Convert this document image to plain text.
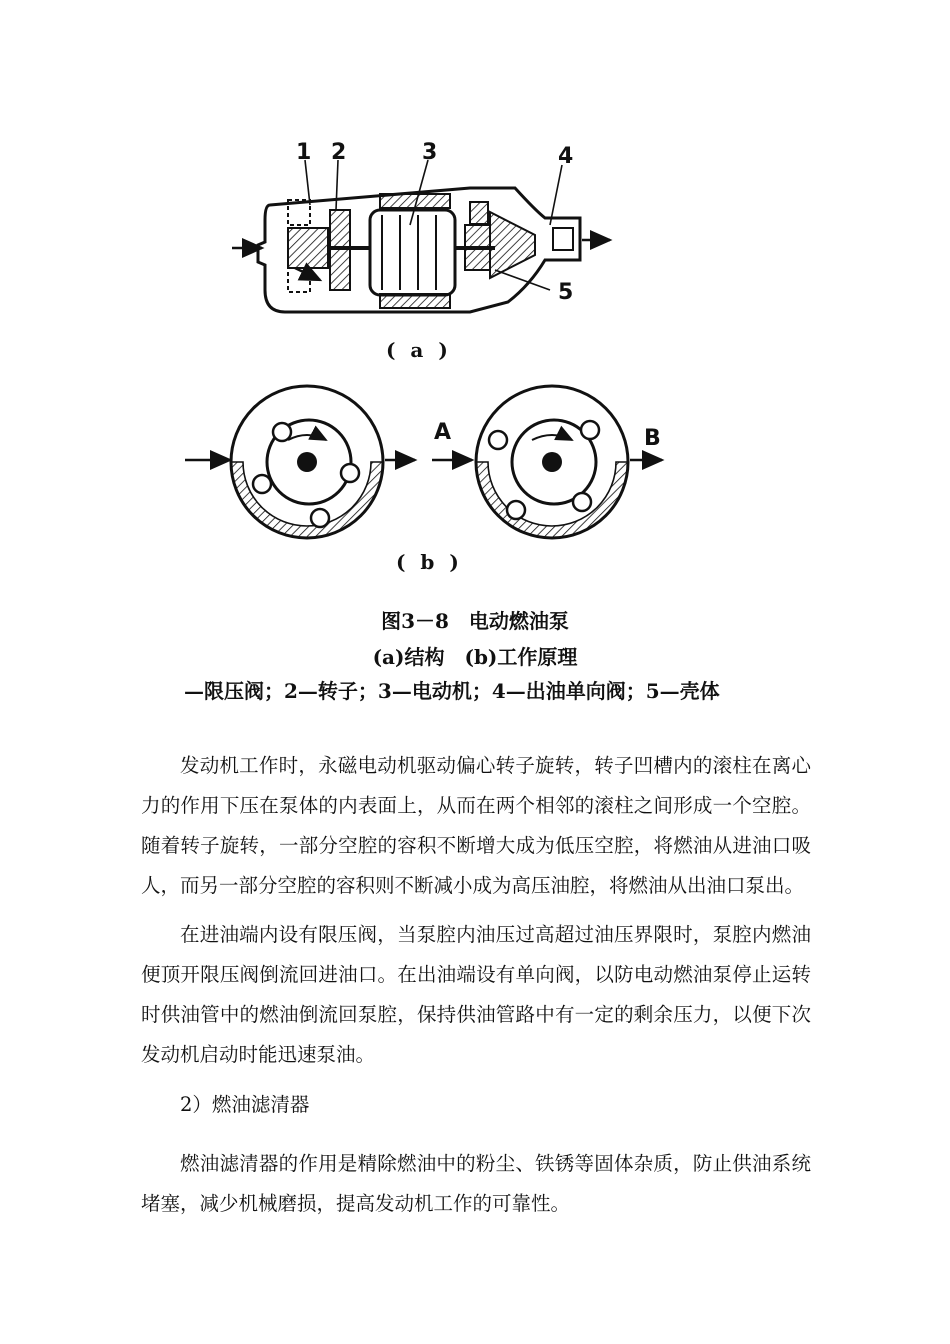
1 2	3	4
5
( a )
A	B
( b )
图3－8　电动燃油泵
(a)结构　(b)工作原理
—限压阀；2—转子；3—电动机；4—出油单向阀；5—壳体

发动机工作时，永磁电动机驱动偏心转子旋转，转子凹槽内的滚柱在离心力的作用下压在泵体的内表面上，从而在两个相邻的滚柱之间形成一个空腔。随着转子旋转，一部分空腔的容积不断增大成为低压空腔，将燃油从进油口吸人，而另一部分空腔的容积则不断减小成为高压油腔，将燃油从出油口泵出。

在进油端内设有限压阀，当泵腔内油压过高超过油压界限时，泵腔内燃油便顶开限压阀倒流回进油口。在出油端设有单向阀，以防电动燃油泵停止运转时供油管中的燃油倒流回泵腔，保持供油管路中有一定的剩余压力，以便下次发动机启动时能迅速泵油。

2）燃油滤清器

燃油滤清器的作用是精除燃油中的粉尘、铁锈等固体杂质，防止供油系统堵塞，减少机械磨损，提高发动机工作的可靠性。
